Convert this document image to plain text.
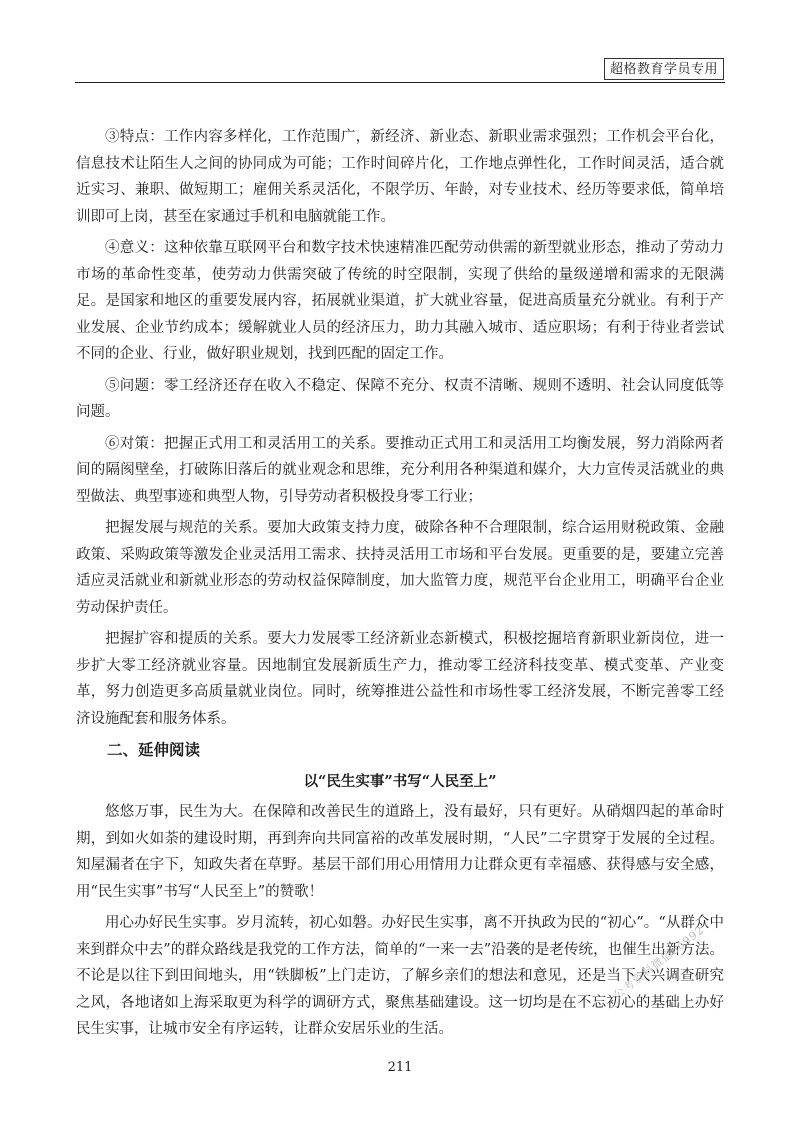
超格教育学员专用

③特点：工作内容多样化，工作范围广，新经济、新业态、新职业需求强烈；工作机会平台化，信息技术让陌生人之间的协同成为可能；工作时间碎片化，工作地点弹性化，工作时间灵活，适合就近实习、兼职、做短期工；雇佣关系灵活化，不限学历、年龄，对专业技术、经历等要求低，简单培训即可上岗，甚至在家通过手机和电脑就能工作。

④意义：这种依靠互联网平台和数字技术快速精准匹配劳动供需的新型就业形态，推动了劳动力市场的革命性变革，使劳动力供需突破了传统的时空限制，实现了供给的量级递增和需求的无限满足。是国家和地区的重要发展内容，拓展就业渠道，扩大就业容量，促进高质量充分就业。有利于产业发展、企业节约成本；缓解就业人员的经济压力，助力其融入城市、适应职场；有利于待业者尝试不同的企业、行业，做好职业规划，找到匹配的固定工作。

⑤问题：零工经济还存在收入不稳定、保障不充分、权责不清晰、规则不透明、社会认同度低等问题。

⑥对策：把握正式用工和灵活用工的关系。要推动正式用工和灵活用工均衡发展，努力消除两者间的隔阂壁垒，打破陈旧落后的就业观念和思维，充分利用各种渠道和媒介，大力宣传灵活就业的典型做法、典型事迹和典型人物，引导劳动者积极投身零工行业；

把握发展与规范的关系。要加大政策支持力度，破除各种不合理限制，综合运用财税政策、金融政策、采购政策等激发企业灵活用工需求、扶持灵活用工市场和平台发展。更重要的是，要建立完善适应灵活就业和新就业形态的劳动权益保障制度，加大监管力度，规范平台企业用工，明确平台企业劳动保护责任。

把握扩容和提质的关系。要大力发展零工经济新业态新模式，积极挖掘培育新职业新岗位，进一步扩大零工经济就业容量。因地制宜发展新质生产力，推动零工经济科技变革、模式变革、产业变革，努力创造更多高质量就业岗位。同时，统筹推进公益性和市场性零工经济发展，不断完善零工经济设施配套和服务体系。

二、延伸阅读
以“民生实事”书写“人民至上”

悠悠万事，民生为大。在保障和改善民生的道路上，没有最好，只有更好。从硝烟四起的革命时期，到如火如荼的建设时期，再到奔向共同富裕的改革发展时期，“人民”二字贯穿于发展的全过程。知屋漏者在宇下，知政失者在草野。基层干部们用心用情用力让群众更有幸福感、获得感与安全感，用“民生实事”书写“人民至上”的赞歌！

用心办好民生实事。岁月流转，初心如磐。办好民生实事，离不开执政为民的“初心”。“从群众中来到群众中去”的群众路线是我党的工作方法，简单的“一来一去”沿袭的是老传统，也催生出新方法。不论是以往下到田间地头，用“铁脚板”上门走访，了解乡亲们的想法和意见，还是当下大兴调查研究之风，各地诸如上海采取更为科学的调研方式，聚焦基础建设。这一切均是在不忘初心的基础上办好民生实事，让城市安全有序运转，让群众安居乐业的生活。

公考资料微信oo992
211
